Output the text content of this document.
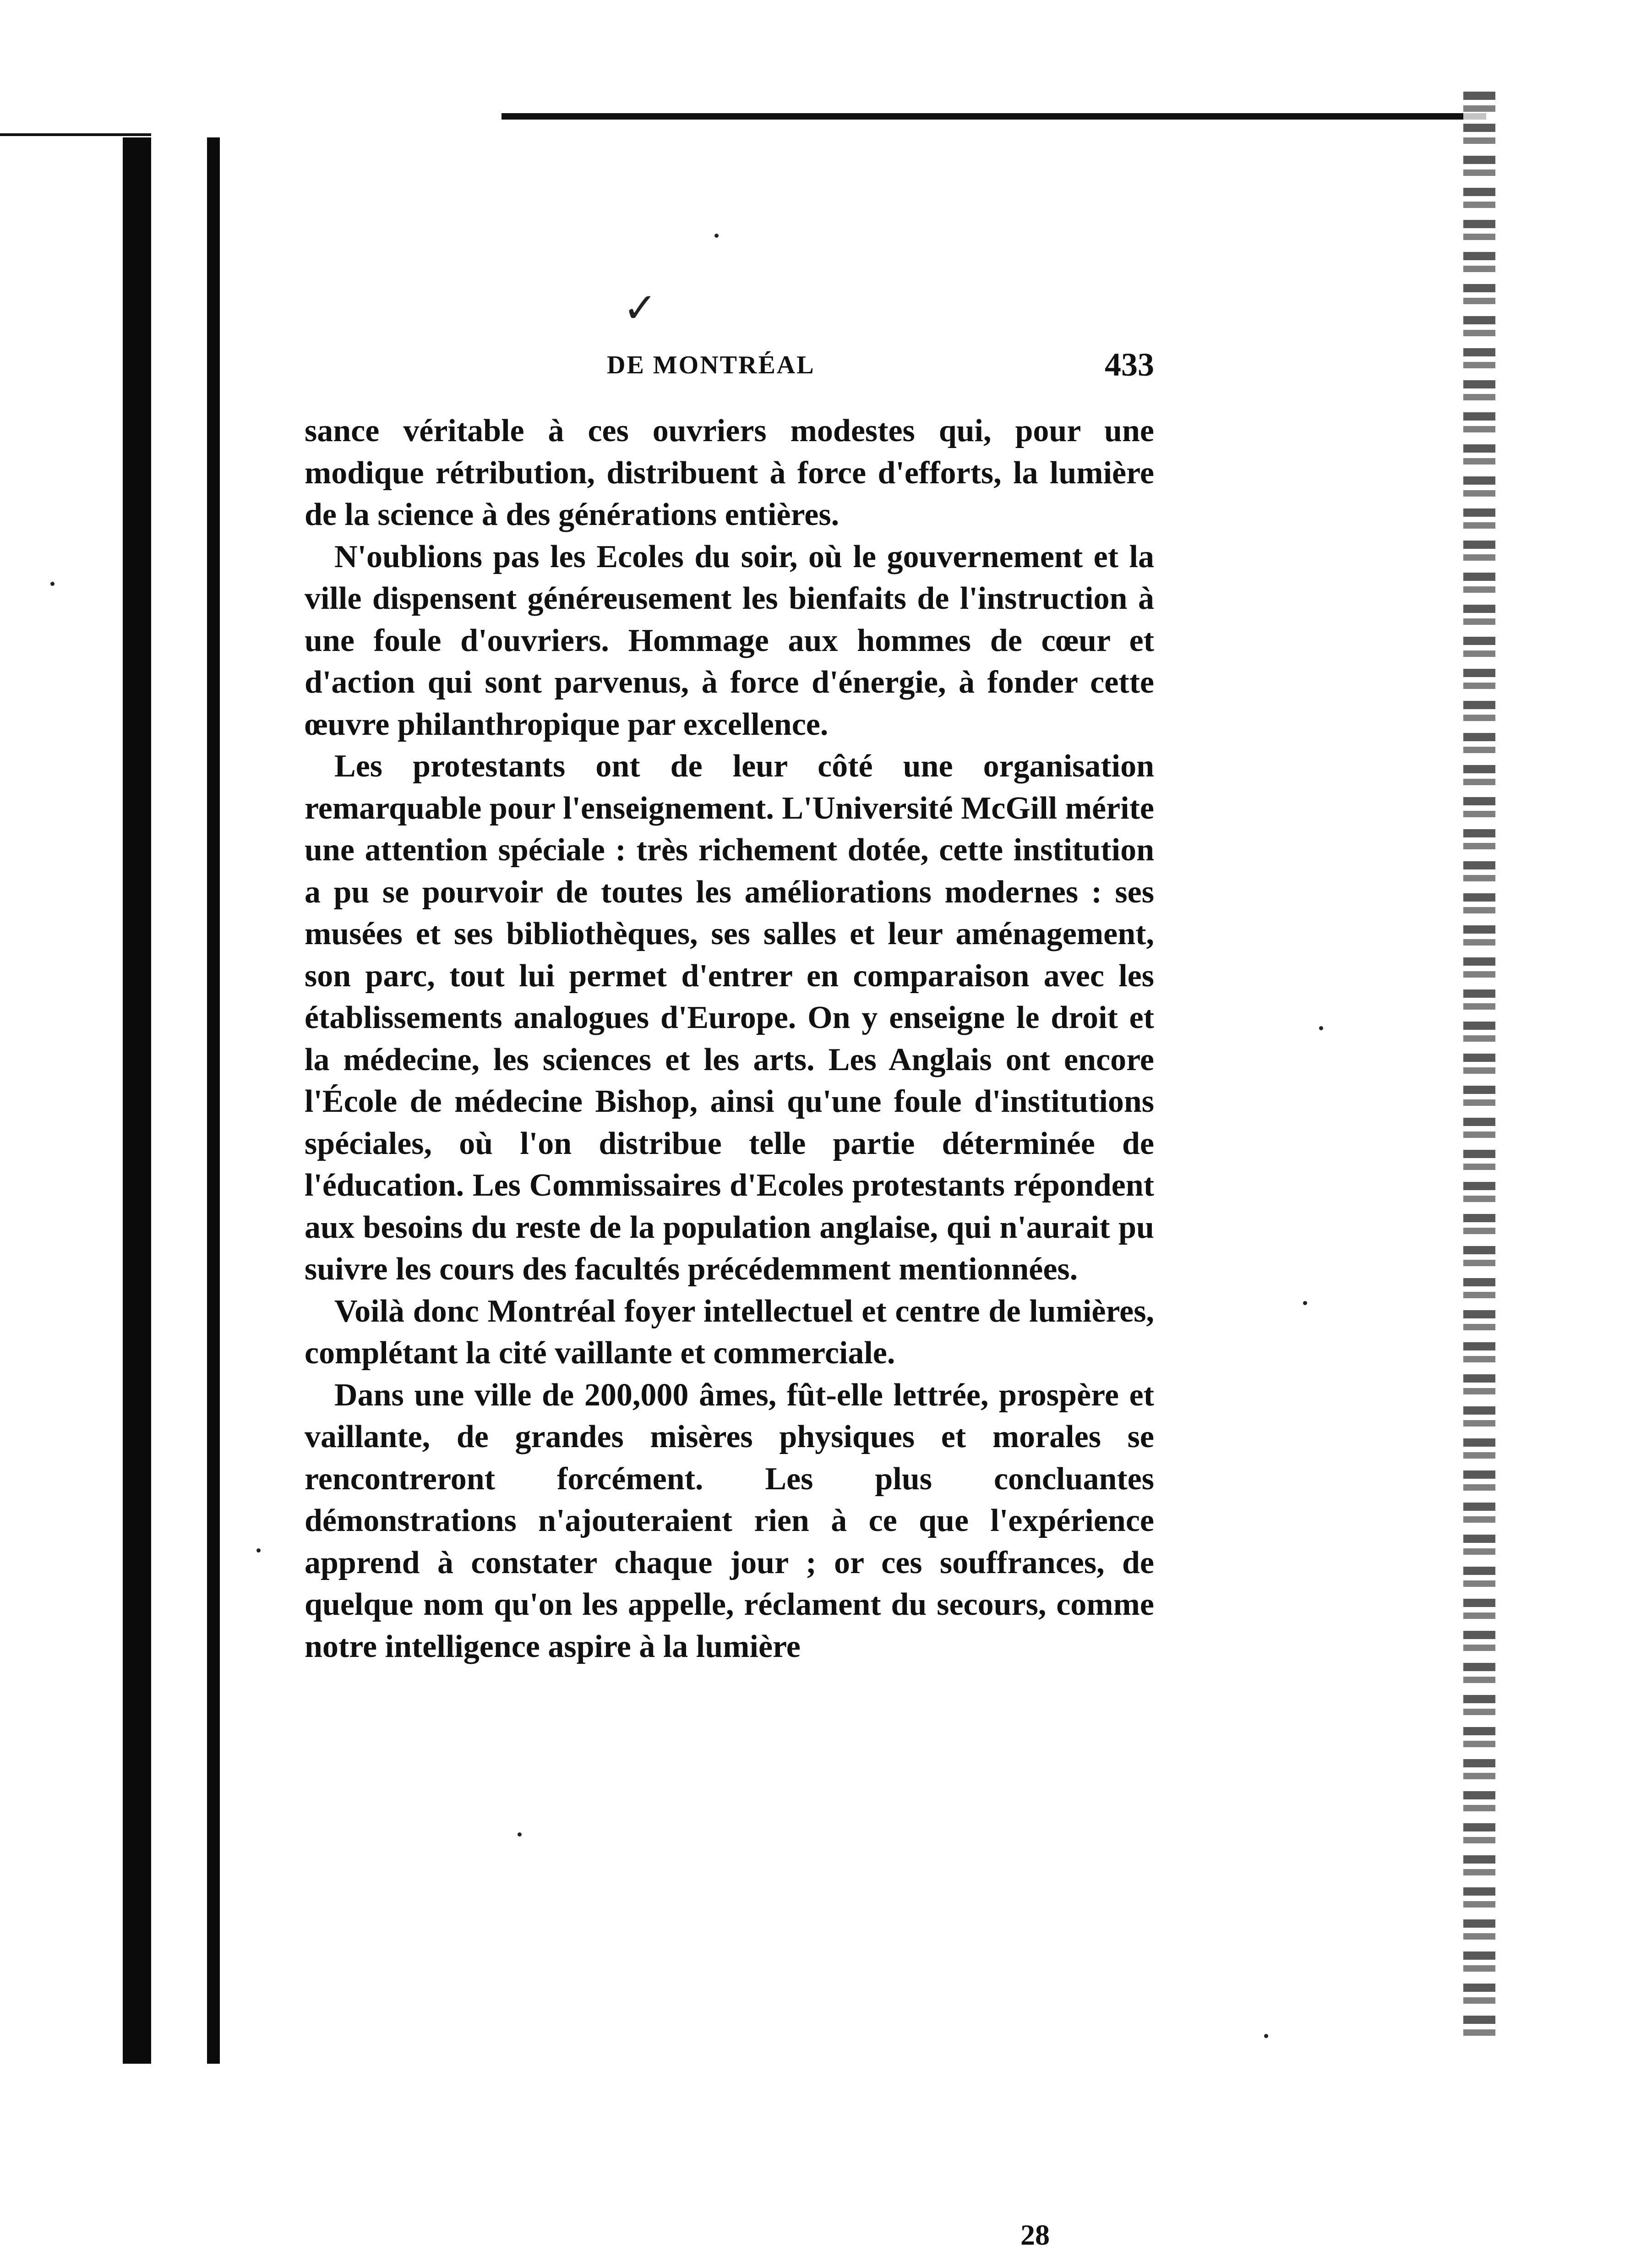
✓
DE MONTRÉAL	433

sance véritable à ces ouvriers modestes qui, pour une modique rétribution, distribuent à force d'efforts, la lumière de la science à des générations entières.

N'oublions pas les Ecoles du soir, où le gouvernement et la ville dispensent généreusement les bienfaits de l'instruction à une foule d'ouvriers. Hommage aux hommes de cœur et d'action qui sont parvenus, à force d'énergie, à fonder cette œuvre philanthropique par excellence.

Les protestants ont de leur côté une organisation remarquable pour l'enseignement. L'Université McGill mérite une attention spéciale : très richement dotée, cette institution a pu se pourvoir de toutes les améliorations modernes : ses musées et ses bibliothèques, ses salles et leur aménagement, son parc, tout lui permet d'entrer en comparaison avec les établissements analogues d'Europe. On y enseigne le droit et la médecine, les sciences et les arts. Les Anglais ont encore l'École de médecine Bishop, ainsi qu'une foule d'institutions spéciales, où l'on distribue telle partie déterminée de l'éducation. Les Commissaires d'Ecoles protestants répondent aux besoins du reste de la population anglaise, qui n'aurait pu suivre les cours des facultés précédemment mentionnées.

Voilà donc Montréal foyer intellectuel et centre de lumières, complétant la cité vaillante et commerciale.

Dans une ville de 200,000 âmes, fût-elle lettrée, prospère et vaillante, de grandes misères physiques et morales se rencontreront forcément. Les plus concluantes démonstrations n'ajouteraient rien à ce que l'expérience apprend à constater chaque jour ; or ces souffrances, de quelque nom qu'on les appelle, réclament du secours, comme notre intelligence aspire à la lumière

28
